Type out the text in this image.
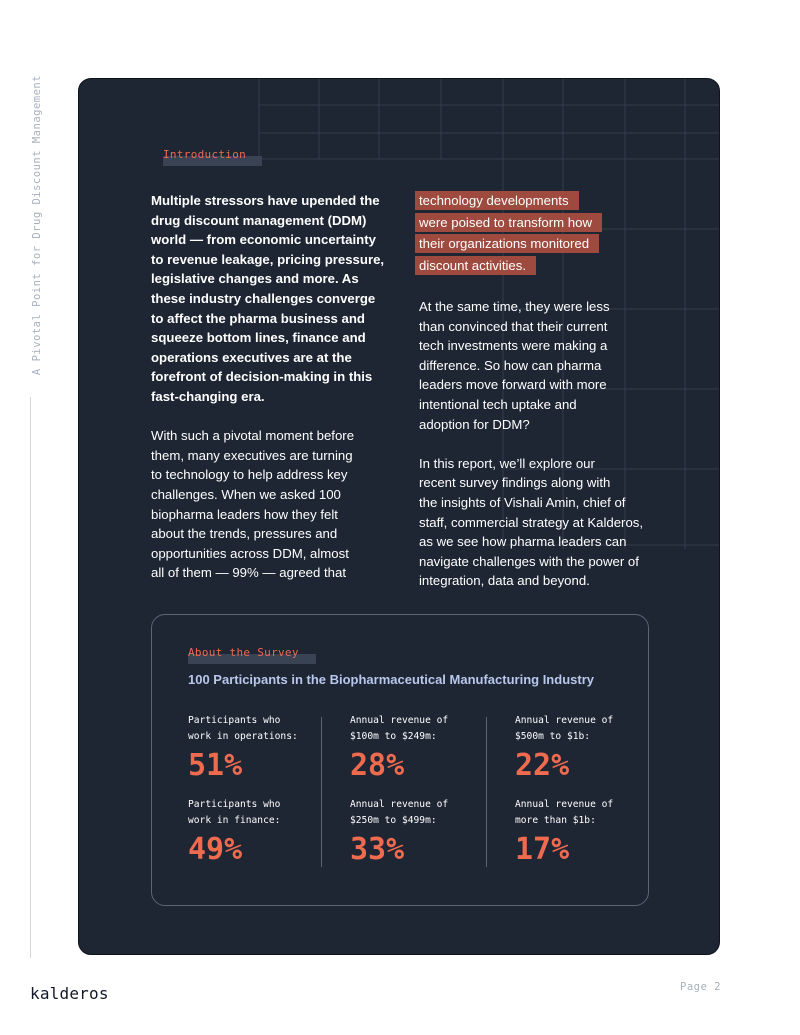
A Pivotal Point for Drug Discount Management	Introduction

Multiple stressors have upended the

drug discount management (DDM)

world — from economic uncertainty

to revenue leakage, pricing pressure,

legislative changes and more. As

these industry challenges converge

to affect the pharma business and

squeeze bottom lines, finance and

operations executives are at the

forefront of decision-making in this

fast-changing era.

With such a pivotal moment before

them, many executives are turning

to technology to help address key

challenges. When we asked 100

biopharma leaders how they felt

about the trends, pressures and

opportunities across DDM, almost

all of them — 99% — agreed that

technology developments

were poised to transform how

their organizations monitored

discount activities.

At the same time, they were less

than convinced that their current

tech investments were making a

difference. So how can pharma

leaders move forward with more

intentional tech uptake and

adoption for DDM?

In this report, we’ll explore our

recent survey findings along with

the insights of Vishali Amin, chief of

staff, commercial strategy at Kalderos,

as we see how pharma leaders can

navigate challenges with the power of

integration, data and beyond.

About the Survey
100 Participants in the Biopharmaceutical Manufacturing Industry
Participants who
work in operations:
51%
Annual revenue of
$100m to $249m:
28%
Annual revenue of
$500m to $1b:
22%
Participants who
work in finance:
49%
Annual revenue of
$250m to $499m:
33%
Annual revenue of
more than $1b:
17%
kalderos	Page 2
